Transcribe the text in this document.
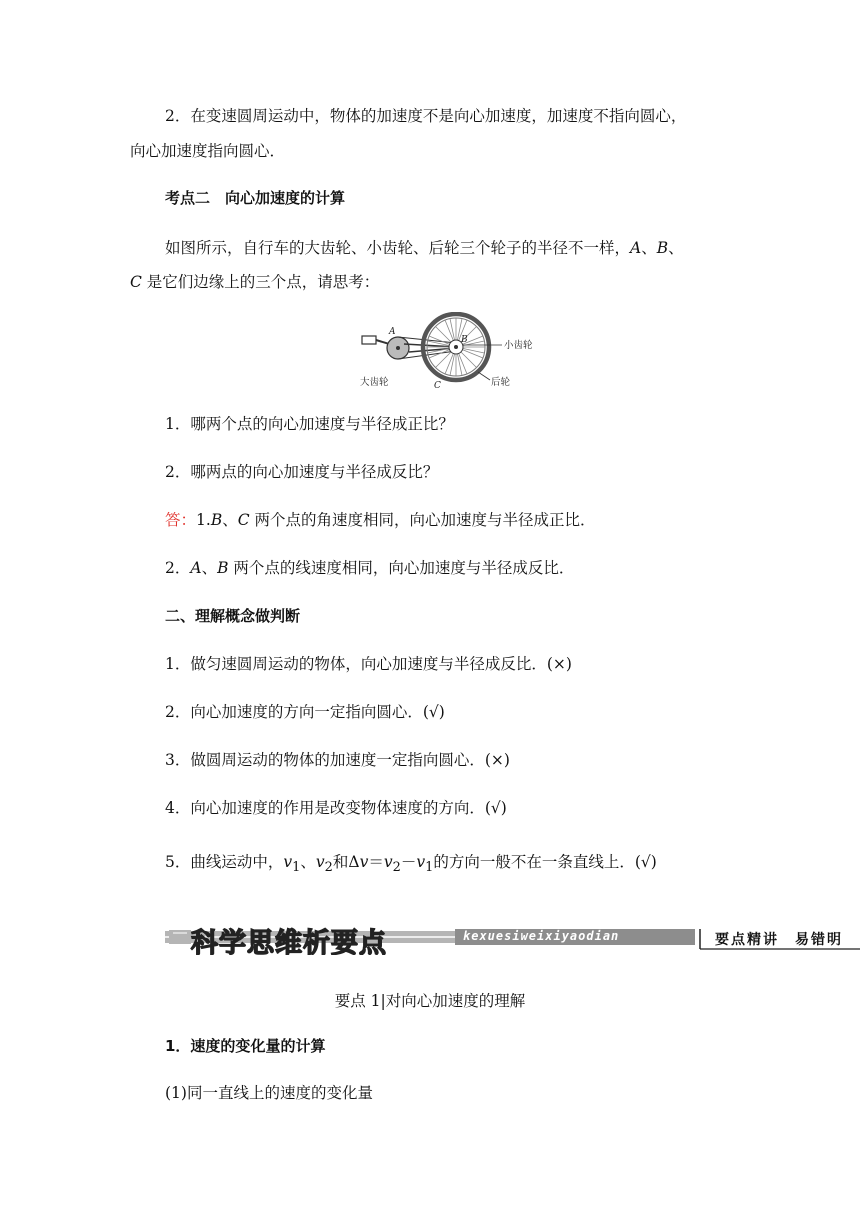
2．在变速圆周运动中，物体的加速度不是向心加速度，加速度不指向圆心，
向心加速度指向圆心．
考点二　向心加速度的计算
如图所示，自行车的大齿轮、小齿轮、后轮三个轮子的半径不一样，A、B、
C 是它们边缘上的三个点，请思考：
A
B
C
小齿轮
大齿轮	后轮
1．哪两个点的向心加速度与半径成正比？
2．哪两点的向心加速度与半径成反比？
答：1.B、C 两个点的角速度相同，向心加速度与半径成正比．
2．A、B 两个点的线速度相同，向心加速度与半径成反比．
二、理解概念做判断
1．做匀速圆周运动的物体，向心加速度与半径成反比．(×)
2．向心加速度的方向一定指向圆心．(√)
3．做圆周运动的物体的加速度一定指向圆心．(×)
4．向心加速度的作用是改变物体速度的方向．(√)
5．曲线运动中，$v_1$、$v_2$和$\Delta v=v_2-v_1$的方向一般不在一条直线上．(√)
科学思维析要点	kexuesiweixiyaodian	要点精讲　易错明
要点 1|对向心加速度的理解
1．速度的变化量的计算
(1)同一直线上的速度的变化量
